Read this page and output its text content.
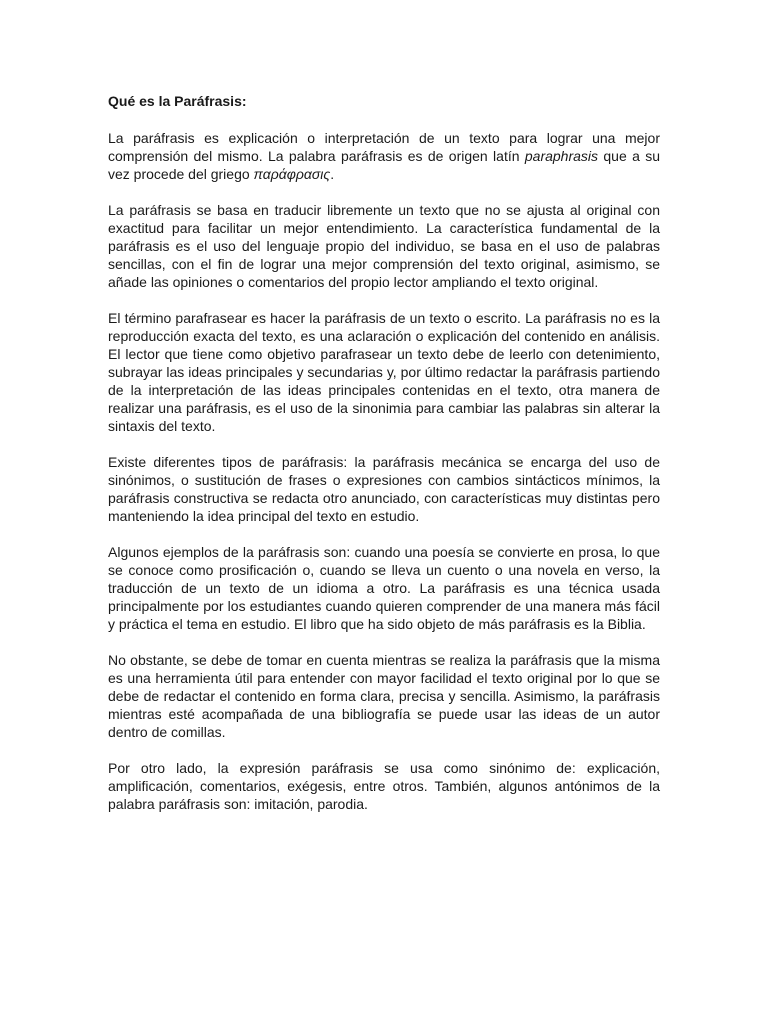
Qué es la Paráfrasis:

La paráfrasis es explicación o interpretación de un texto para lograr una mejor comprensión del mismo. La palabra paráfrasis es de origen latín paraphrasis que a su vez procede del griego παράφρασις.

La paráfrasis se basa en traducir libremente un texto que no se ajusta al original con exactitud para facilitar un mejor entendimiento. La característica fundamental de la paráfrasis es el uso del lenguaje propio del individuo, se basa en el uso de palabras sencillas, con el fin de lograr una mejor comprensión del texto original, asimismo, se añade las opiniones o comentarios del propio lector ampliando el texto original.

El término parafrasear es hacer la paráfrasis de un texto o escrito. La paráfrasis no es la reproducción exacta del texto, es una aclaración o explicación del contenido en análisis. El lector que tiene como objetivo parafrasear un texto debe de leerlo con detenimiento, subrayar las ideas principales y secundarias y, por último redactar la paráfrasis partiendo de la interpretación de las ideas principales contenidas en el texto, otra manera de realizar una paráfrasis, es el uso de la sinonimia para cambiar las palabras sin alterar la sintaxis del texto.

Existe diferentes tipos de paráfrasis: la paráfrasis mecánica se encarga del uso de sinónimos, o sustitución de frases o expresiones con cambios sintácticos mínimos, la paráfrasis constructiva se redacta otro anunciado, con características muy distintas pero manteniendo la idea principal del texto en estudio.

Algunos ejemplos de la paráfrasis son: cuando una poesía se convierte en prosa, lo que se conoce como prosificación o, cuando se lleva un cuento o una novela en verso, la traducción de un texto de un idioma a otro. La paráfrasis es una técnica usada principalmente por los estudiantes cuando quieren comprender de una manera más fácil y práctica el tema en estudio. El libro que ha sido objeto de más paráfrasis es la Biblia.

No obstante, se debe de tomar en cuenta mientras se realiza la paráfrasis que la misma es una herramienta útil para entender con mayor facilidad el texto original por lo que se debe de redactar el contenido en forma clara, precisa y sencilla. Asimismo, la paráfrasis mientras esté acompañada de una bibliografía se puede usar las ideas de un autor dentro de comillas.

Por otro lado, la expresión paráfrasis se usa como sinónimo de: explicación, amplificación, comentarios, exégesis, entre otros. También, algunos antónimos de la palabra paráfrasis son: imitación, parodia.
